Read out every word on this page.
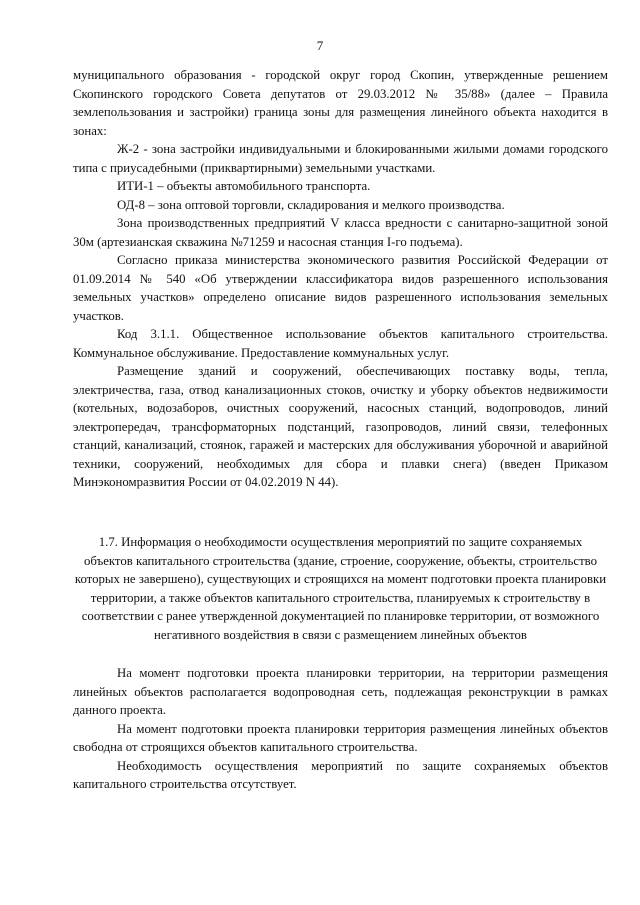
7

муниципального образования - городской округ город Скопин, утвержденные решением Скопинского городского Совета депутатов от 29.03.2012 № 35/88» (далее – Правила землепользования и застройки) граница зоны для размещения линейного объекта находится в зонах:

Ж-2 - зона застройки индивидуальными и блокированными жилыми домами городского типа с приусадебными (приквартирными) земельными участками.

ИТИ-1 – объекты автомобильного транспорта.

ОД-8 – зона оптовой торговли, складирования и мелкого производства.

Зона производственных предприятий V класса вредности с санитарно-защитной зоной 30м (артезианская скважина №71259 и насосная станция I-го подъема).

Согласно приказа министерства экономического развития Российской Федерации от 01.09.2014 № 540 «Об утверждении классификатора видов разрешенного использования земельных участков» определено описание видов разрешенного использования земельных участков.

Код 3.1.1. Общественное использование объектов капитального строительства. Коммунальное обслуживание. Предоставление коммунальных услуг.

Размещение зданий и сооружений, обеспечивающих поставку воды, тепла, электричества, газа, отвод канализационных стоков, очистку и уборку объектов недвижимости (котельных, водозаборов, очистных сооружений, насосных станций, водопроводов, линий электропередач, трансформаторных подстанций, газопроводов, линий связи, телефонных станций, канализаций, стоянок, гаражей и мастерских для обслуживания уборочной и аварийной техники, сооружений, необходимых для сбора и плавки снега) (введен Приказом Минэкономразвития России от 04.02.2019 N 44).

1.7. Информация о необходимости осуществления мероприятий по защите сохраняемых объектов капитального строительства (здание, строение, сооружение, объекты, строительство которых не завершено), существующих и строящихся на момент подготовки проекта планировки территории, а также объектов капитального строительства, планируемых к строительству в соответствии с ранее утвержденной документацией по планировке территории, от возможного негативного воздействия в связи с размещением линейных объектов

На момент подготовки проекта планировки территории, на территории размещения линейных объектов располагается водопроводная сеть, подлежащая реконструкции в рамках данного проекта.

На момент подготовки проекта планировки территория размещения линейных объектов свободна от строящихся объектов капитального строительства.

Необходимость осуществления мероприятий по защите сохраняемых объектов капитального строительства отсутствует.
